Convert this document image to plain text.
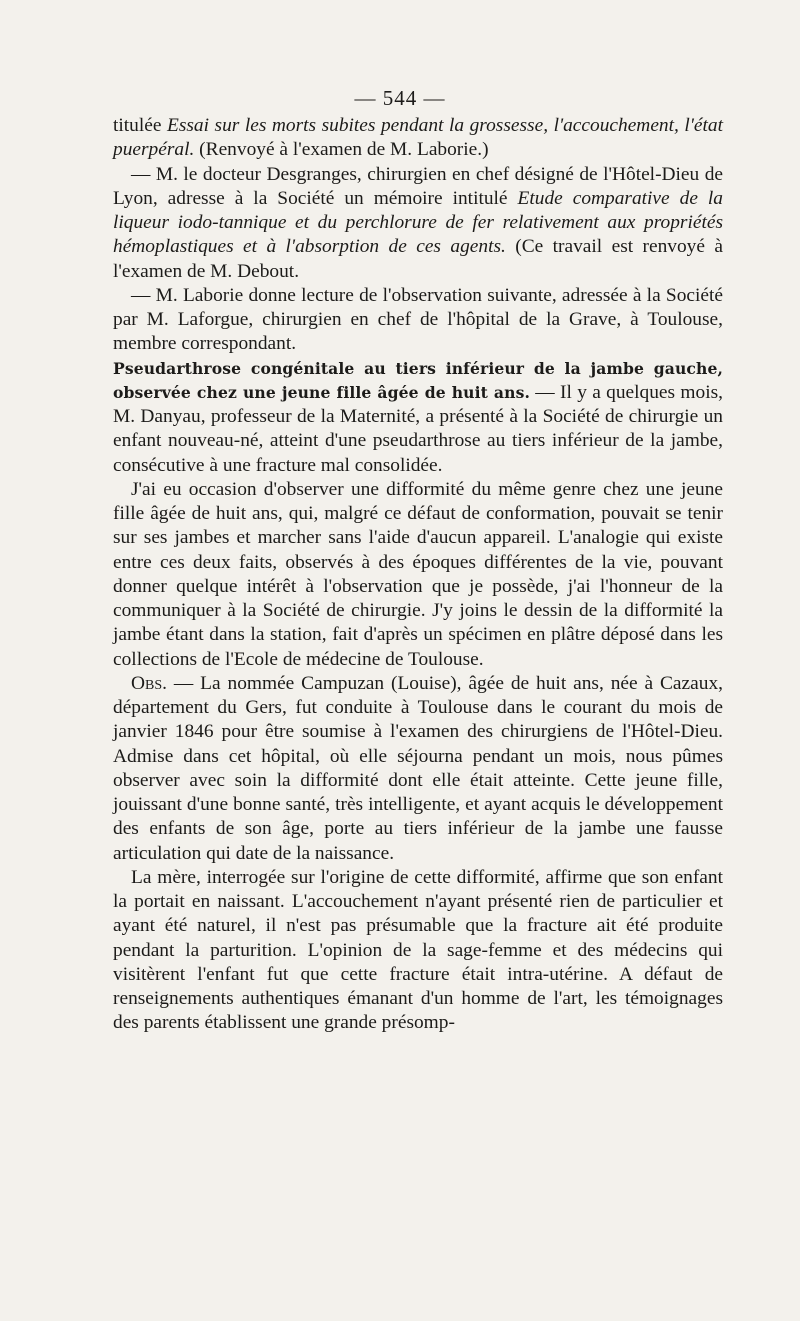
— 544 —

titulée Essai sur les morts subites pendant la grossesse, l'accouchement, l'état puerpéral. (Renvoyé à l'examen de M. Laborie.)

— M. le docteur Desgranges, chirurgien en chef désigné de l'Hôtel-Dieu de Lyon, adresse à la Société un mémoire intitulé Etude comparative de la liqueur iodo-tannique et du perchlorure de fer relativement aux propriétés hémoplastiques et à l'absorption de ces agents. (Ce travail est renvoyé à l'examen de M. Debout.

— M. Laborie donne lecture de l'observation suivante, adressée à la Société par M. Laforgue, chirurgien en chef de l'hôpital de la Grave, à Toulouse, membre correspondant.

Pseudarthrose congénitale au tiers inférieur de la jambe gauche, observée chez une jeune fille âgée de huit ans. — Il y a quelques mois, M. Danyau, professeur de la Maternité, a présenté à la Société de chirurgie un enfant nouveau-né, atteint d'une pseudarthrose au tiers inférieur de la jambe, consécutive à une fracture mal consolidée.

J'ai eu occasion d'observer une difformité du même genre chez une jeune fille âgée de huit ans, qui, malgré ce défaut de conformation, pouvait se tenir sur ses jambes et marcher sans l'aide d'aucun appareil. L'analogie qui existe entre ces deux faits, observés à des époques différentes de la vie, pouvant donner quelque intérêt à l'observation que je possède, j'ai l'honneur de la communiquer à la Société de chirurgie. J'y joins le dessin de la difformité la jambe étant dans la station, fait d'après un spécimen en plâtre déposé dans les collections de l'Ecole de médecine de Toulouse.

Obs. — La nommée Campuzan (Louise), âgée de huit ans, née à Cazaux, département du Gers, fut conduite à Toulouse dans le courant du mois de janvier 1846 pour être soumise à l'examen des chirurgiens de l'Hôtel-Dieu. Admise dans cet hôpital, où elle séjourna pendant un mois, nous pûmes observer avec soin la difformité dont elle était atteinte. Cette jeune fille, jouissant d'une bonne santé, très intelligente, et ayant acquis le développement des enfants de son âge, porte au tiers inférieur de la jambe une fausse articulation qui date de la naissance.

La mère, interrogée sur l'origine de cette difformité, affirme que son enfant la portait en naissant. L'accouchement n'ayant présenté rien de particulier et ayant été naturel, il n'est pas présumable que la fracture ait été produite pendant la parturition. L'opinion de la sage-femme et des médecins qui visitèrent l'enfant fut que cette fracture était intra-utérine. A défaut de renseignements authentiques émanant d'un homme de l'art, les témoignages des parents établissent une grande présomp-
